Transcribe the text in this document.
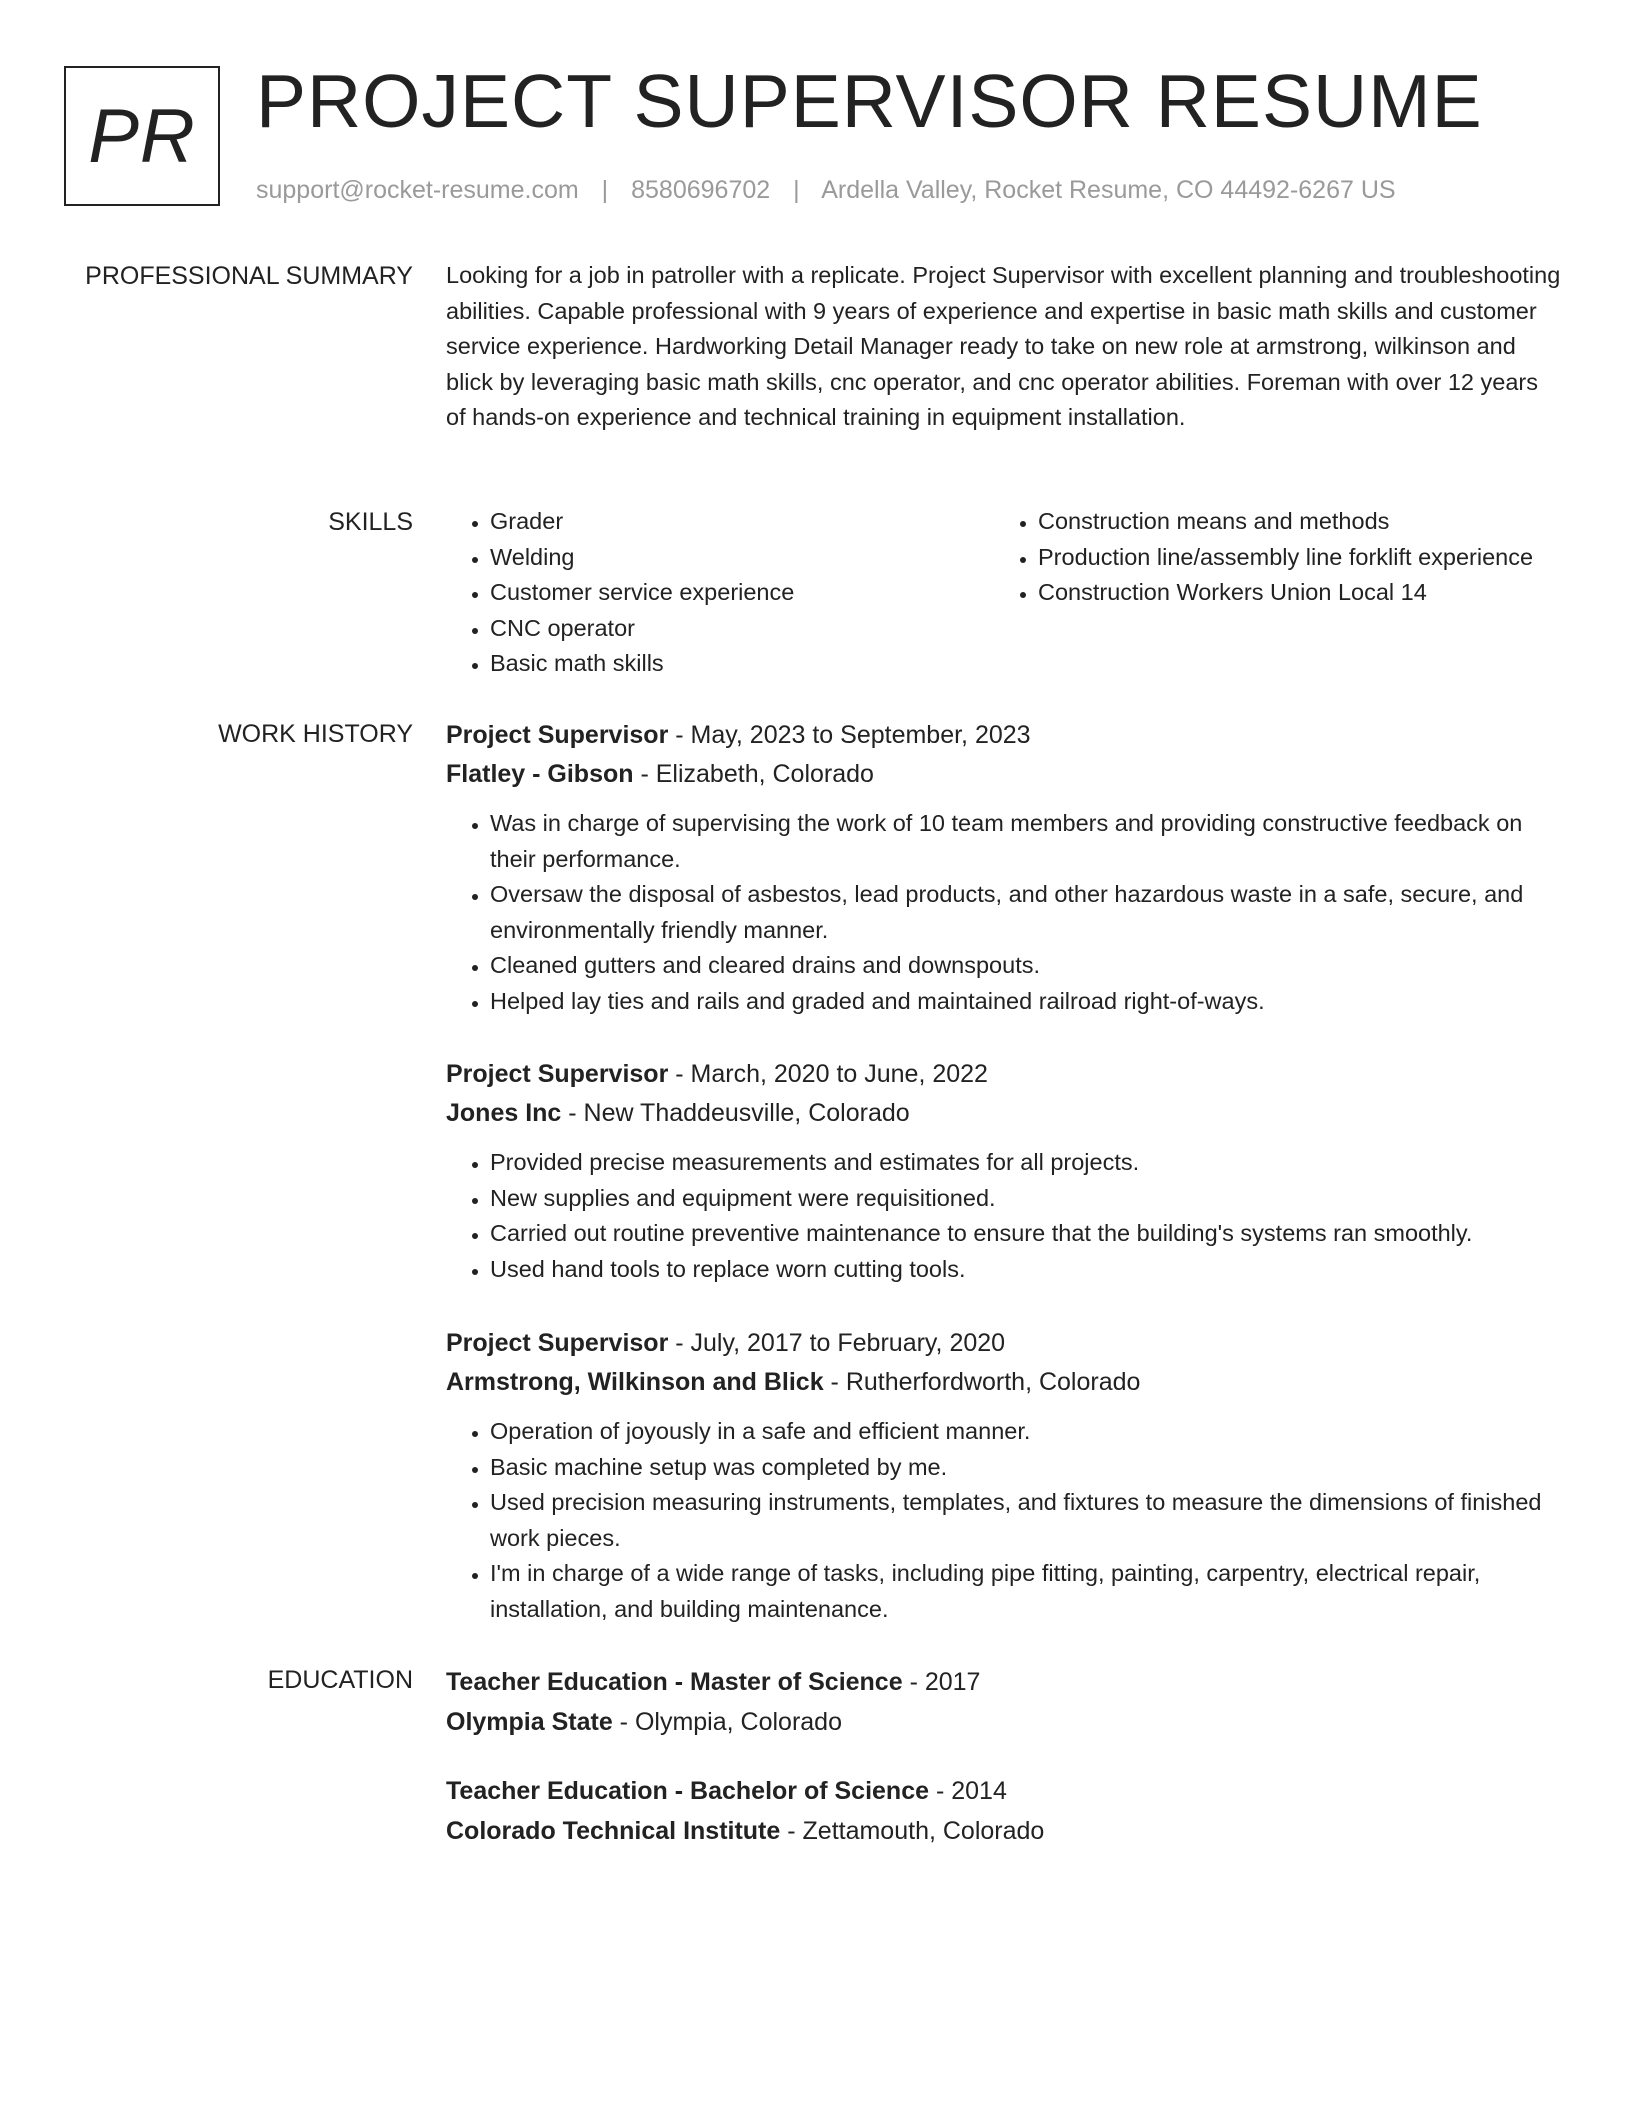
PR PROJECT SUPERVISOR RESUME
support@rocket-resume.com | 8580696702 | Ardella Valley, Rocket Resume, CO 44492-6267 US
PROFESSIONAL SUMMARY Looking for a job in patroller with a replicate. Project Supervisor with excellent planning and troubleshooting abilities. Capable professional with 9 years of experience and expertise in basic math skills and customer service experience. Hardworking Detail Manager ready to take on new role at armstrong, wilkinson and blick by leveraging basic math skills, cnc operator, and cnc operator abilities. Foreman with over 12 years of hands-on experience and technical training in equipment installation.

SKILLS
•	Grader
• Welding
• Customer service experience
• CNC operator
• Basic math skills
• Construction means and methods
• Production line/assembly line forklift experience
• Construction Workers Union Local 14
WORK HISTORY Project Supervisor - May, 2023 to September, 2023
Flatley - Gibson - Elizabeth, Colorado
• Was in charge of supervising the work of 10 team members and providing constructive feedback on their performance.
• Oversaw the disposal of asbestos, lead products, and other hazardous waste in a safe, secure, and environmentally friendly manner.
• Cleaned gutters and cleared drains and downspouts.
• Helped lay ties and rails and graded and maintained railroad right-of-ways.
Project Supervisor - March, 2020 to June, 2022
Jones Inc - New Thaddeusville, Colorado
• Provided precise measurements and estimates for all projects.
• New supplies and equipment were requisitioned.
• Carried out routine preventive maintenance to ensure that the building's systems ran smoothly.
• Used hand tools to replace worn cutting tools.
Project Supervisor - July, 2017 to February, 2020
Armstrong, Wilkinson and Blick - Rutherfordworth, Colorado
• Operation of joyously in a safe and efficient manner.
• Basic machine setup was completed by me.
• Used precision measuring instruments, templates, and fixtures to measure the dimensions of finished work pieces.
• I'm in charge of a wide range of tasks, including pipe fitting, painting, carpentry, electrical repair, installation, and building maintenance.
EDUCATION Teacher Education - Master of Science - 2017
Olympia State - Olympia, Colorado
Teacher Education - Bachelor of Science - 2014
Colorado Technical Institute - Zettamouth, Colorado
